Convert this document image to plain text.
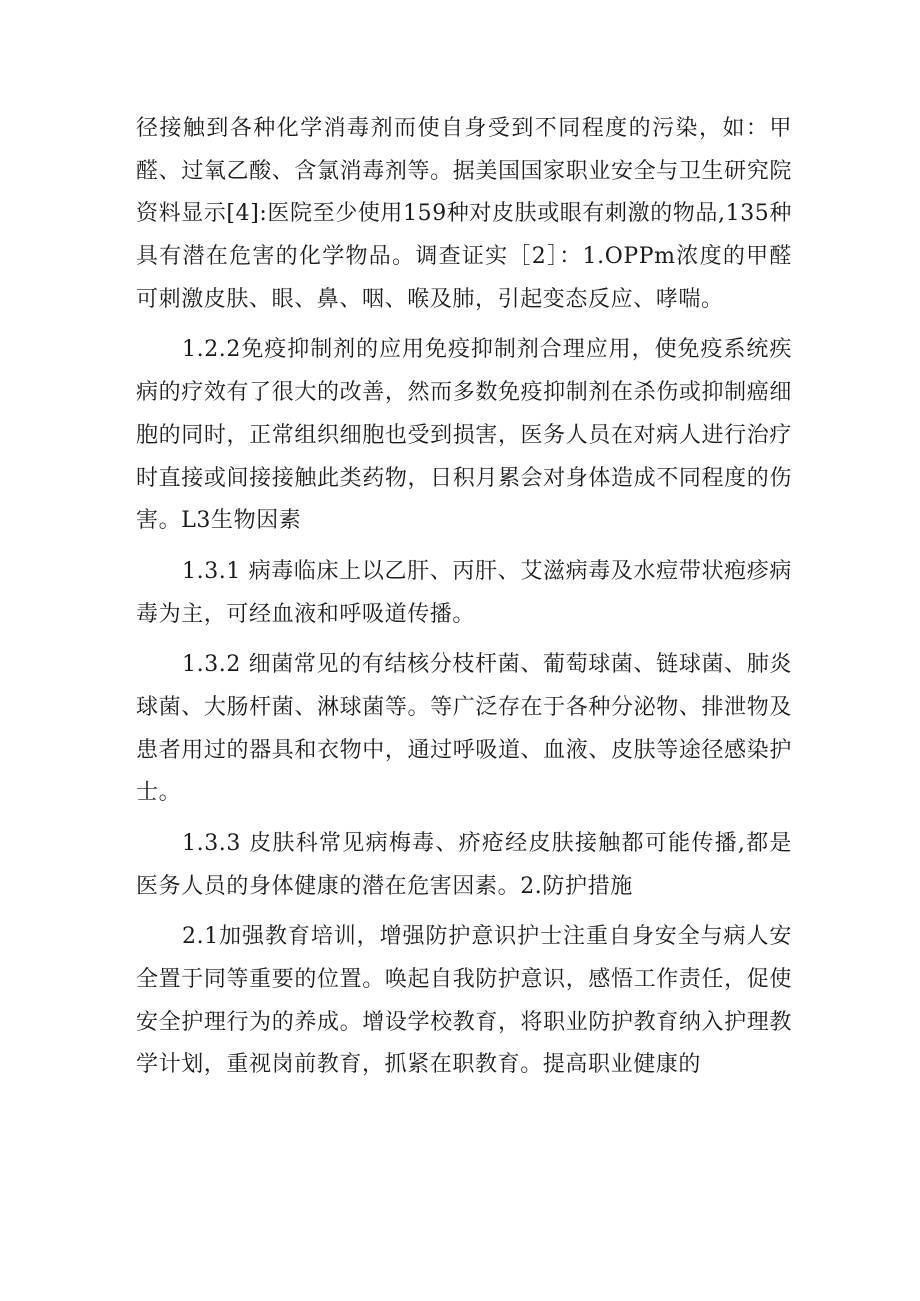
径接触到各种化学消毒剂而使自身受到不同程度的污染，如：甲醛、过氧乙酸、含氯消毒剂等。据美国国家职业安全与卫生研究院资料显示[4]:医院至少使用159种对皮肤或眼有刺激的物品,135种具有潜在危害的化学物品。调查证实［2］：1.OPPm浓度的甲醛可刺激皮肤、眼、鼻、咽、喉及肺，引起变态反应、哮喘。

1.2.2免疫抑制剂的应用免疫抑制剂合理应用，使免疫系统疾病的疗效有了很大的改善，然而多数免疫抑制剂在杀伤或抑制癌细胞的同时，正常组织细胞也受到损害，医务人员在对病人进行治疗时直接或间接接触此类药物，日积月累会对身体造成不同程度的伤害。L3生物因素

1.3.1 病毒临床上以乙肝、丙肝、艾滋病毒及水痘带状疱疹病毒为主，可经血液和呼吸道传播。

1.3.2 细菌常见的有结核分枝杆菌、葡萄球菌、链球菌、肺炎球菌、大肠杆菌、淋球菌等。等广泛存在于各种分泌物、排泄物及患者用过的器具和衣物中，通过呼吸道、血液、皮肤等途径感染护士。

1.3.3 皮肤科常见病梅毒、疥疮经皮肤接触都可能传播,都是医务人员的身体健康的潜在危害因素。2.防护措施

2.1加强教育培训，增强防护意识护士注重自身安全与病人安全置于同等重要的位置。唤起自我防护意识，感悟工作责任，促使安全护理行为的养成。增设学校教育，将职业防护教育纳入护理教学计划，重视岗前教育，抓紧在职教育。提高职业健康的
